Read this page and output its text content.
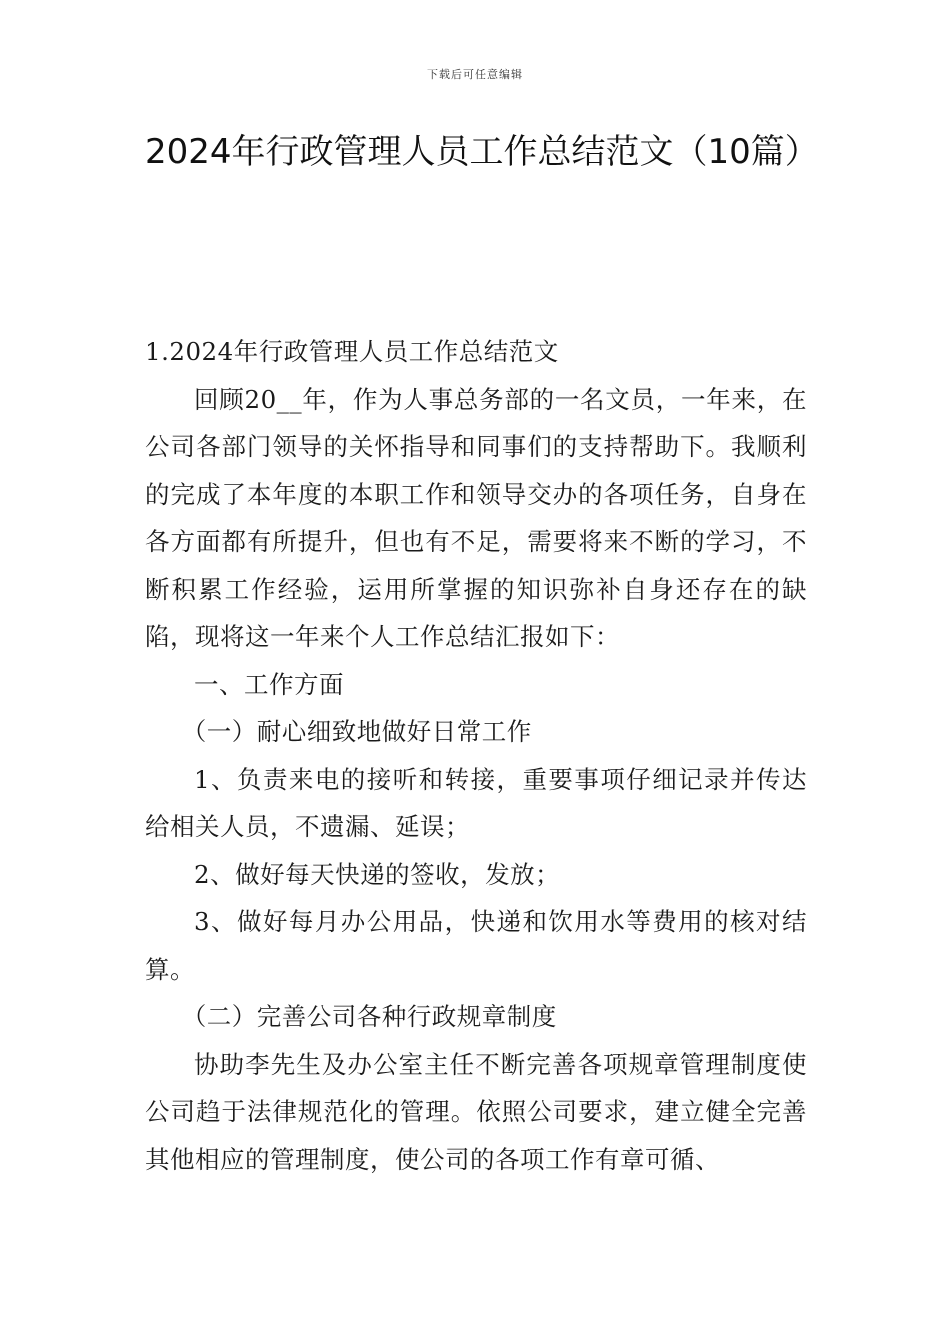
下载后可任意编辑
2024年行政管理人员工作总结范文（10篇）

1.2024年行政管理人员工作总结范文

回顾20__年，作为人事总务部的一名文员，一年来，在公司各部门领导的关怀指导和同事们的支持帮助下。我顺利的完成了本年度的本职工作和领导交办的各项任务，自身在各方面都有所提升，但也有不足，需要将来不断的学习，不断积累工作经验，运用所掌握的知识弥补自身还存在的缺陷，现将这一年来个人工作总结汇报如下：

一、工作方面

（一）耐心细致地做好日常工作

1、负责来电的接听和转接，重要事项仔细记录并传达给相关人员，不遗漏、延误；

2、做好每天快递的签收，发放；

3、做好每月办公用品，快递和饮用水等费用的核对结算。

（二）完善公司各种行政规章制度

协助李先生及办公室主任不断完善各项规章管理制度使公司趋于法律规范化的管理。依照公司要求，建立健全完善其他相应的管理制度，使公司的各项工作有章可循、
